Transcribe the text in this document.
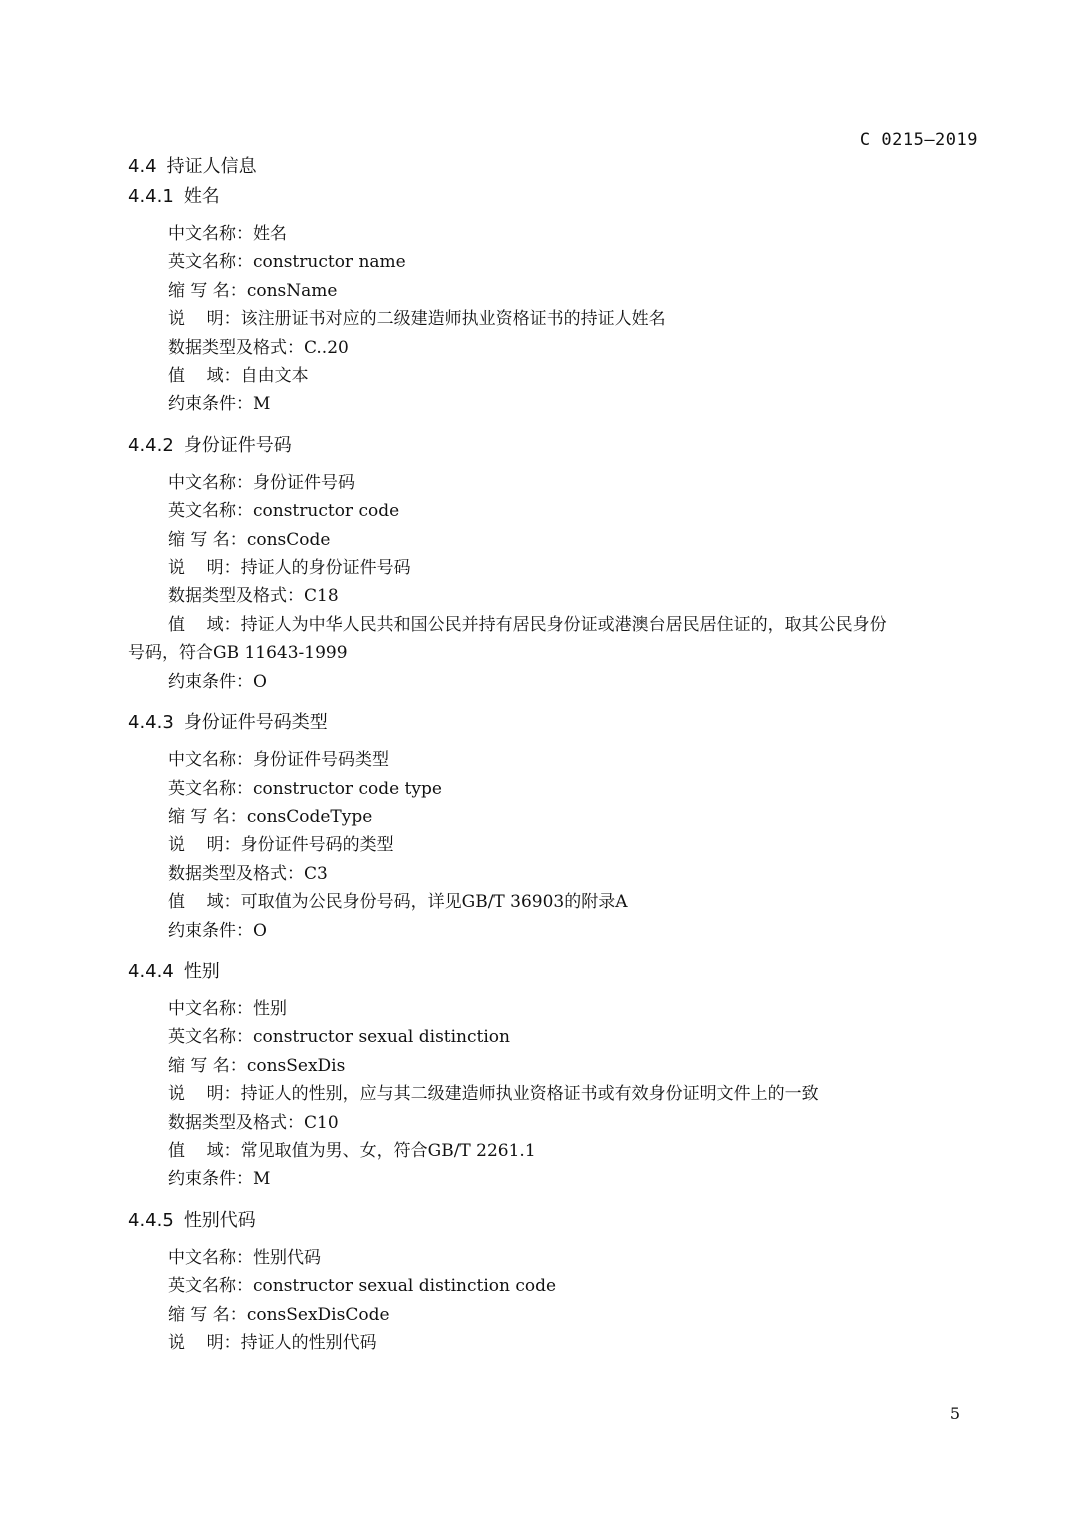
C 0215—2019
4.4 持证人信息
4.4.1 姓名
中文名称：姓名
英文名称：constructor name
缩 写 名：consName
说    明：该注册证书对应的二级建造师执业资格证书的持证人姓名
数据类型及格式：C..20
值    域：自由文本
约束条件：M
4.4.2 身份证件号码
中文名称：身份证件号码
英文名称：constructor code
缩 写 名：consCode
说    明：持证人的身份证件号码
数据类型及格式：C18
值    域：持证人为中华人民共和国公民并持有居民身份证或港澳台居民居住证的，取其公民身份
号码，符合GB 11643-1999
约束条件：O
4.4.3 身份证件号码类型
中文名称：身份证件号码类型
英文名称：constructor code type
缩 写 名：consCodeType
说    明：身份证件号码的类型
数据类型及格式：C3
值    域：可取值为公民身份号码，详见GB/T 36903的附录A
约束条件：O
4.4.4 性别
中文名称：性别
英文名称：constructor sexual distinction
缩 写 名：consSexDis
说    明：持证人的性别，应与其二级建造师执业资格证书或有效身份证明文件上的一致
数据类型及格式：C10
值    域：常见取值为男、女，符合GB/T 2261.1
约束条件：M
4.4.5 性别代码
中文名称：性别代码
英文名称：constructor sexual distinction code
缩 写 名：consSexDisCode
说    明：持证人的性别代码
5
